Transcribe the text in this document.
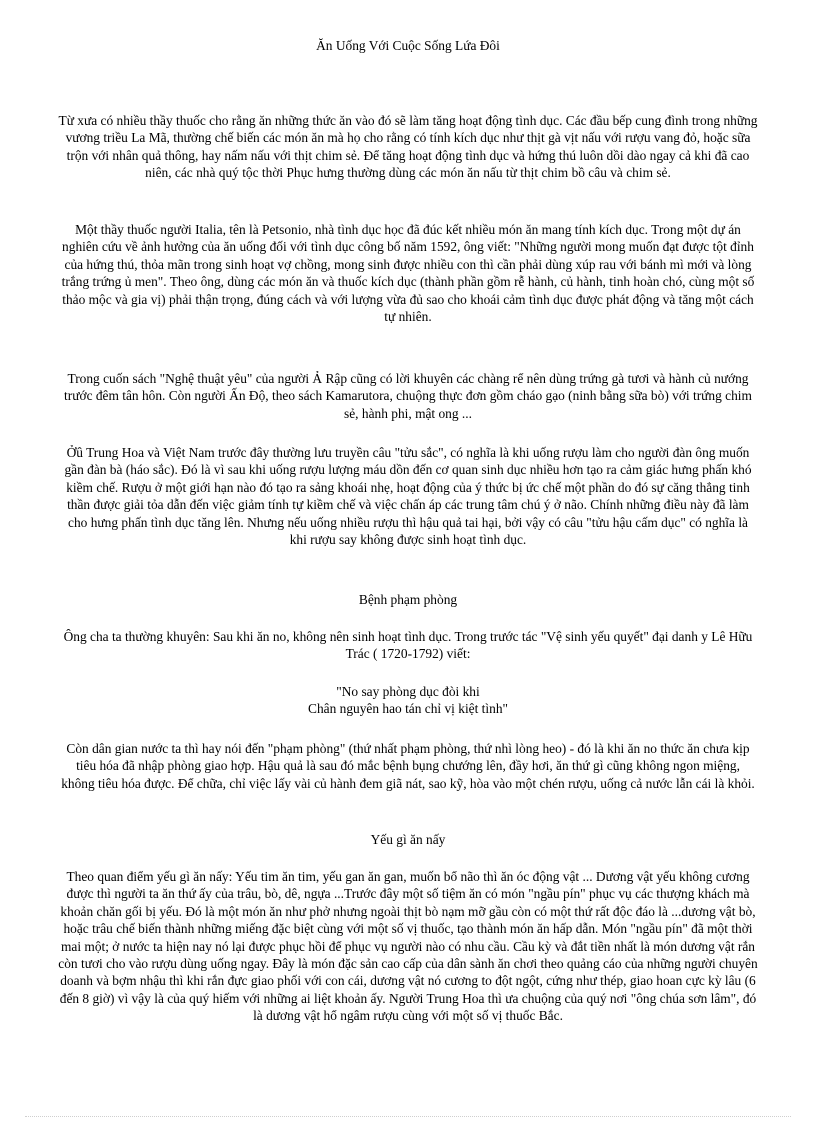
Ăn Uống Với Cuộc Sống Lứa Đôi

Từ xưa có nhiều thầy thuốc cho rằng ăn những thức ăn vào đó sẽ làm tăng hoạt động tình dục. Các đầu bếp cung đình trong những vương triều La Mã, thường chế biến các món ăn mà họ cho rằng có tính kích dục như thịt gà vịt nấu với rượu vang đỏ, hoặc sữa trộn với nhân quả thông, hay nấm nấu với thịt chim sẻ. Để tăng hoạt động tình dục và hứng thú luôn dồi dào ngay cả khi đã cao niên, các nhà quý tộc thời Phục hưng thường dùng các món ăn nấu từ thịt chim bồ câu và chim sẻ.

Một thầy thuốc người Italia, tên là Petsonio, nhà tình dục học đã đúc kết nhiều món ăn mang tính kích dục. Trong một dự án nghiên cứu về ảnh hưởng của ăn uống đối với tình dục công bố năm 1592, ông viết: "Những người mong muốn đạt được tột đỉnh của hứng thú, thỏa mãn trong sinh hoạt vợ chồng, mong sinh được nhiều con thì cần phải dùng xúp rau với bánh mì mới và lòng trắng trứng ủ men". Theo ông, dùng các món ăn và thuốc kích dục (thành phần gồm rễ hành, củ hành, tinh hoàn chó, cùng một số thảo mộc và gia vị) phải thận trọng, đúng cách và với lượng vừa đủ sao cho khoái cảm tình dục được phát động và tăng một cách tự nhiên.

Trong cuốn sách "Nghệ thuật yêu" của người Ả Rập cũng có lời khuyên các chàng rể nên dùng trứng gà tươi và hành củ nướng trước đêm tân hôn. Còn người Ấn Độ, theo sách Kamarutora, chuộng thực đơn gồm cháo gạo (ninh bằng sữa bò) với trứng chim sẻ, hành phi, mật ong ...

Ởû Trung Hoa và Việt Nam trước đây thường lưu truyền câu "tửu sắc", có nghĩa là khi uống rượu làm cho người đàn ông muốn gần đàn bà (háo sắc). Đó là vì sau khi uống rượu lượng máu dồn đến cơ quan sinh dục nhiều hơn tạo ra cảm giác hưng phấn khó kiềm chế. Rượu ở một giới hạn nào đó tạo ra sảng khoái nhẹ, hoạt động của ý thức bị ức chế một phần do đó sự căng thẳng tinh thần được giải tỏa dẫn đến việc giảm tính tự kiềm chế và việc chấn áp các trung tâm chú ý ở não. Chính những điều này đã làm cho hưng phấn tình dục tăng lên. Nhưng nếu uống nhiều rượu thì hậu quả tai hại, bởi vậy có câu "tửu hậu cấm dục" có nghĩa là khi rượu say không được sinh hoạt tình dục.

Bệnh phạm phòng

Ông cha ta thường khuyên: Sau khi ăn no, không nên sinh hoạt tình dục. Trong trước tác "Vệ sinh yếu quyết" đại danh y Lê Hữu Trác ( 1720-1792) viết:

"No say phòng dục đòi khi
Chân nguyên hao tán chỉ vị kiệt tình"

Còn dân gian nước ta thì hay nói đến "phạm phòng" (thứ nhất phạm phòng, thứ nhì lòng heo) - đó là khi ăn no thức ăn chưa kịp tiêu hóa đã nhập phòng giao hợp. Hậu quả là sau đó mắc bệnh bụng chướng lên, đầy hơi, ăn thứ gì cũng không ngon miệng, không tiêu hóa được. Để chữa, chỉ việc lấy vài củ hành đem giã nát, sao kỹ, hòa vào một chén rượu, uống cả nước lẫn cái là khỏi.

Yếu gì ăn nấy

Theo quan điểm yếu gì ăn nấy: Yếu tim ăn tim, yếu gan ăn gan, muốn bổ não thì ăn óc động vật ... Dương vật yếu không cương được thì người ta ăn thứ ấy của trâu, bò, dê, ngựa ...Trước đây một số tiệm ăn có món "ngầu pín" phục vụ các thượng khách mà khoản chăn gối bị yếu. Đó là một món ăn như phở nhưng ngoài thịt bò nạm mỡ gầu còn có một thứ rất độc đáo là ...dương vật bò, hoặc trâu chế biến thành những miếng đặc biệt cùng với một số vị thuốc, tạo thành món ăn hấp dẫn. Món "ngầu pín" đã một thời mai một; ở nước ta hiện nay nó lại được phục hồi để phục vụ người nào có nhu cầu. Cầu kỳ và đắt tiền nhất là món dương vật rắn còn tươi cho vào rượu dùng uống ngay. Đây là món đặc sản cao cấp của dân sành ăn chơi theo quảng cáo của những người chuyên doanh và bợm nhậu thì khi rắn đực giao phối với con cái, dương vật nó cương to đột ngột, cứng như thép, giao hoan cực kỳ lâu (6 đến 8 giờ) vì vậy là của quý hiếm với những ai liệt khoản ấy. Người Trung Hoa thì ưa chuộng của quý nơi "ông chúa sơn lâm", đó là dương vật hổ ngâm rượu cùng với một số vị thuốc Bắc.
